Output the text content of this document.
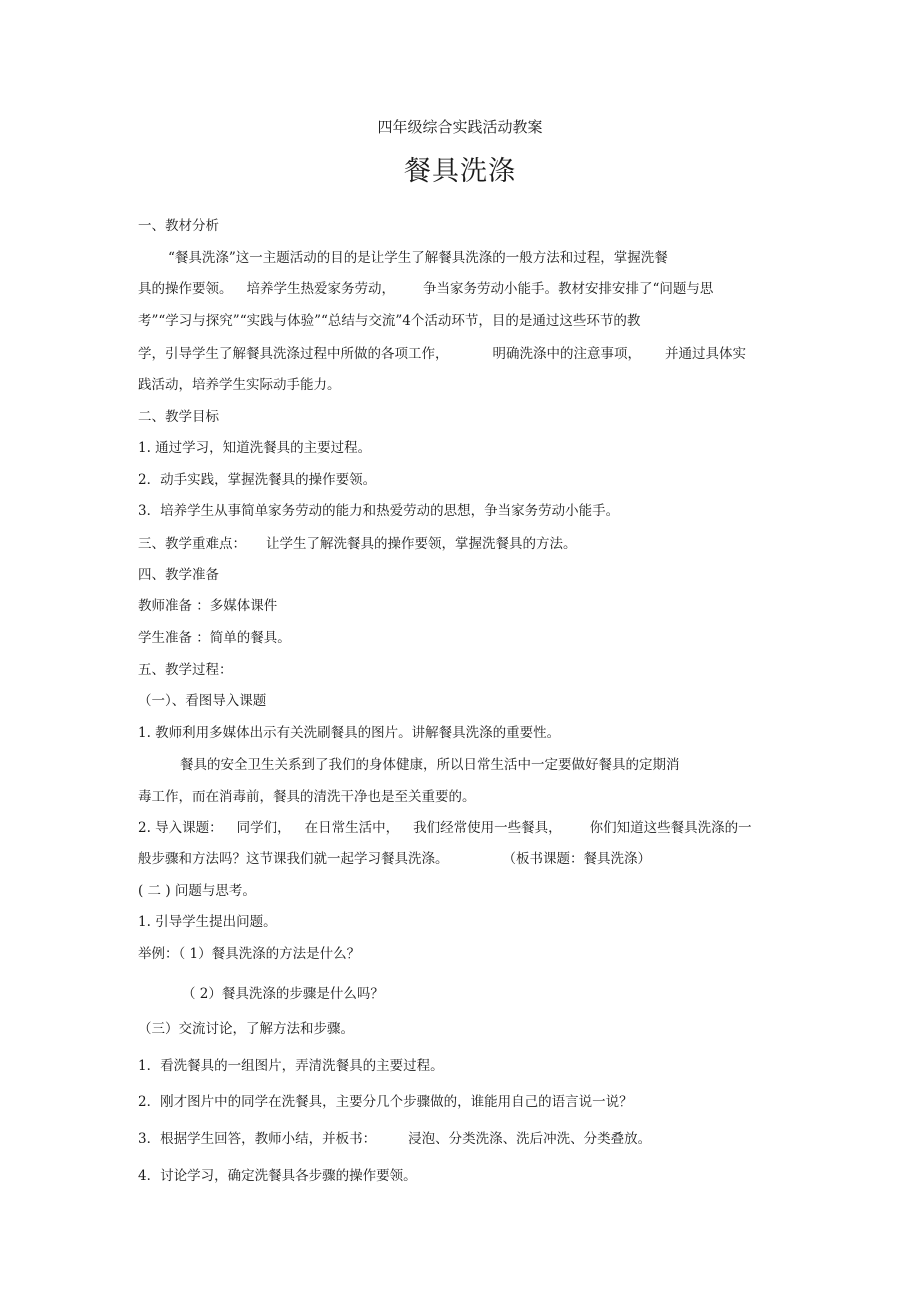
四年级综合实践活动教案
餐具洗涤
一、教材分析
“餐具洗涤”这一主题活动的目的是让学生了解餐具洗涤的一般方法和过程，掌握洗餐
具的操作要领。 培养学生热爱家务劳动， 争当家务劳动小能手。教材安排安排了“问题与思
考”“学习与探究”“实践与体验”“总结与交流”4个活动环节，目的是通过这些环节的教
学，引导学生了解餐具洗涤过程中所做的各项工作，	明确洗涤中的注意事项， 并通过具体实
践活动，培养学生实际动手能力。
二、教学目标
1. 通过学习，知道洗餐具的主要过程。
2．动手实践，掌握洗餐具的操作要领。
3．培养学生从事简单家务劳动的能力和热爱劳动的思想，争当家务劳动小能手。
三、教学重难点： 让学生了解洗餐具的操作要领，掌握洗餐具的方法。
四、教学准备
教师准备 ：多媒体课件
学生准备 ：简单的餐具。
五、教学过程：
（一）、看图导入课题
1. 教师利用多媒体出示有关洗刷餐具的图片。讲解餐具洗涤的重要性。
餐具的安全卫生关系到了我们的身体健康，所以日常生活中一定要做好餐具的定期消
毒工作，而在消毒前，餐具的清洗干净也是至关重要的。
2. 导入课题： 同学们， 在日常生活中， 我们经常使用一些餐具， 你们知道这些餐具洗涤的一
般步骤和方法吗？这节课我们就一起学习餐具洗涤。	（板书课题：餐具洗涤）
( 二 ) 问题与思考。
1. 引导学生提出问题。
举例：（ 1）餐具洗涤的方法是什么？
（ 2）餐具洗涤的步骤是什么吗？
（三）交流讨论，了解方法和步骤。
1．看洗餐具的一组图片，弄清洗餐具的主要过程。
2．刚才图片中的同学在洗餐具，主要分几个步骤做的，谁能用自己的语言说一说？
3．根据学生回答，教师小结，并板书： 浸泡、分类洗涤、洗后冲洗、分类叠放。
4．讨论学习，确定洗餐具各步骤的操作要领。
